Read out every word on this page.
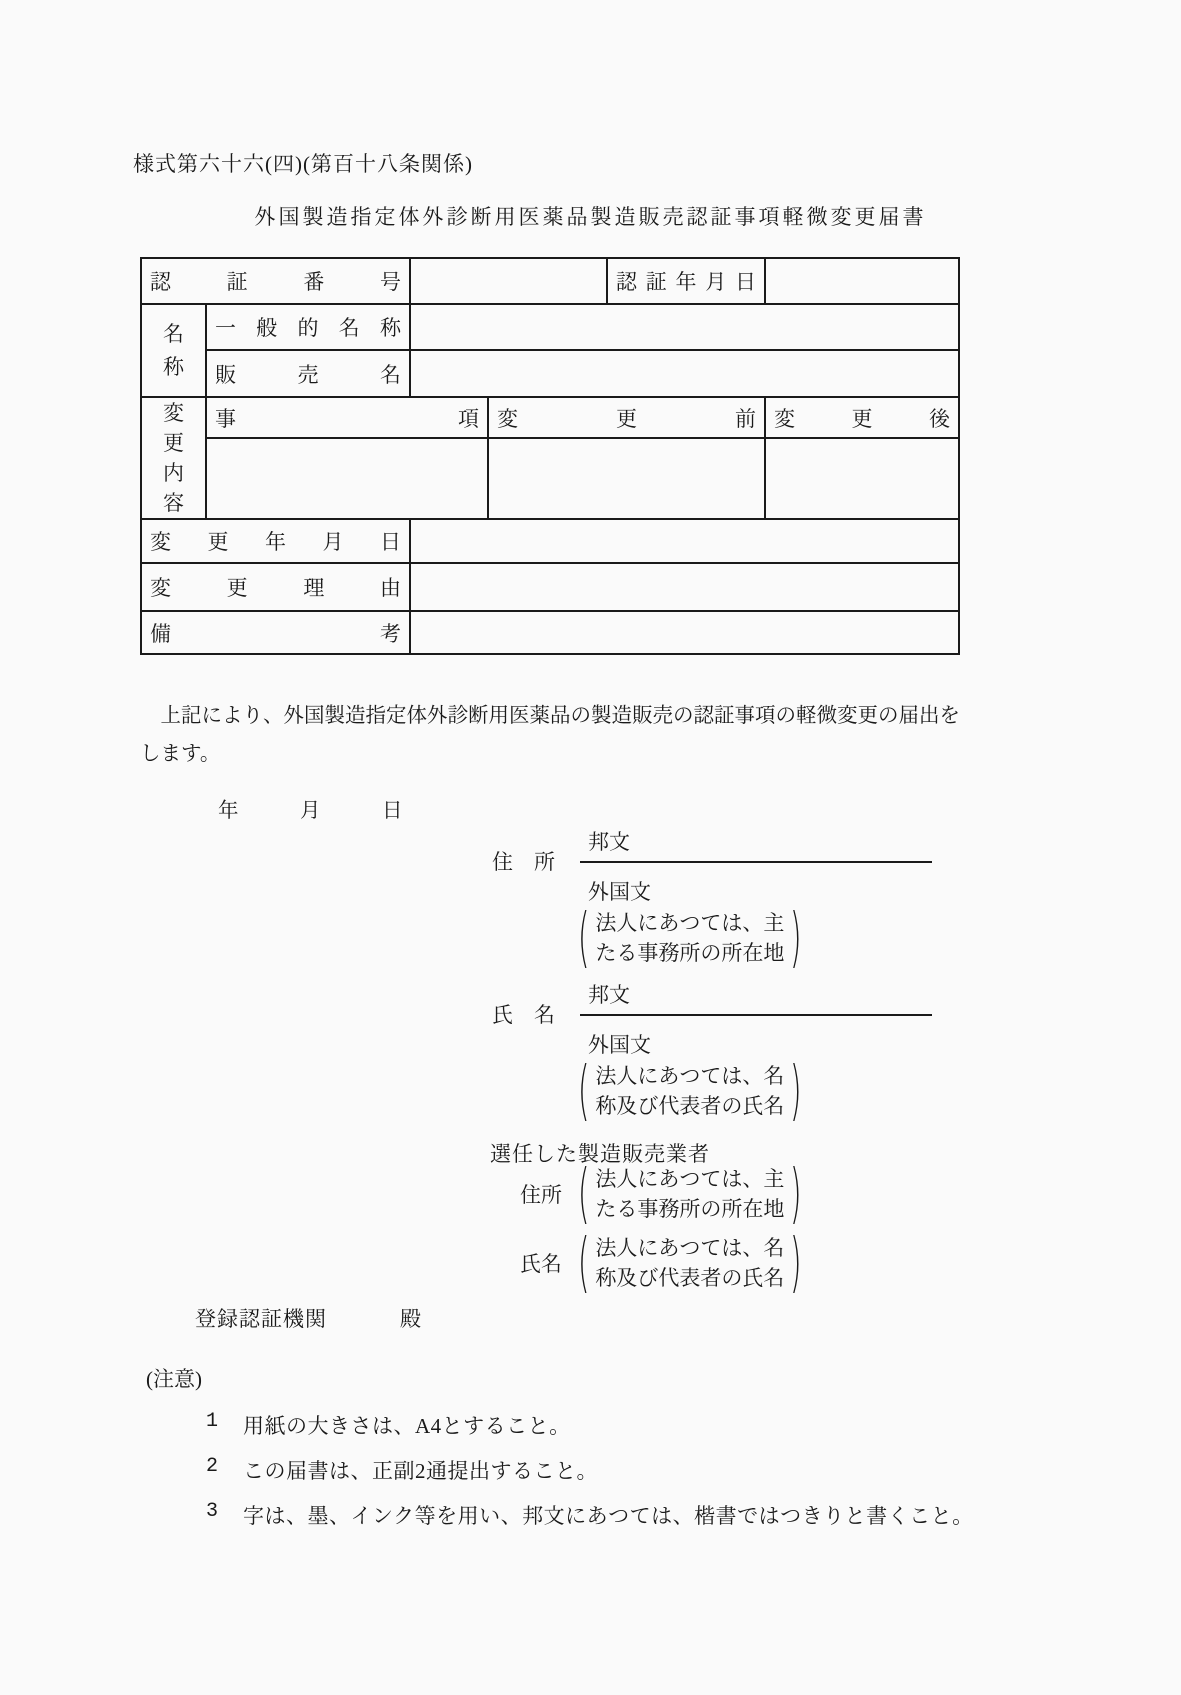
様式第六十六(四)(第百十八条関係)
外国製造指定体外診断用医薬品製造販売認証事項軽微変更届書
認証番号				認証年月日	

名称	一般的名称				
	販売名				

変更内容	事項		変更前		変更後

変更年月日					
変更理由					
備考					
　上記により、外国製造指定体外診断用医薬品の製造販売の認証事項の軽微変更の届出をします。
年　　　月　　　日
邦文
住　所
外国文
( 法人にあつては、主
たる事務所の所在地 )
邦文
氏　名
外国文
( 法人にあつては、名
称及び代表者の氏名 )
選任した製造販売業者
住所 ( 法人にあつては、主
たる事務所の所在地 )
氏名 ( 法人にあつては、名
称及び代表者の氏名 )
登録認証機関	殿
(注意)
1	用紙の大きさは、A4とすること。
2	この届書は、正副2通提出すること。
3	字は、墨、インク等を用い、邦文にあつては、楷書ではつきりと書くこと。
